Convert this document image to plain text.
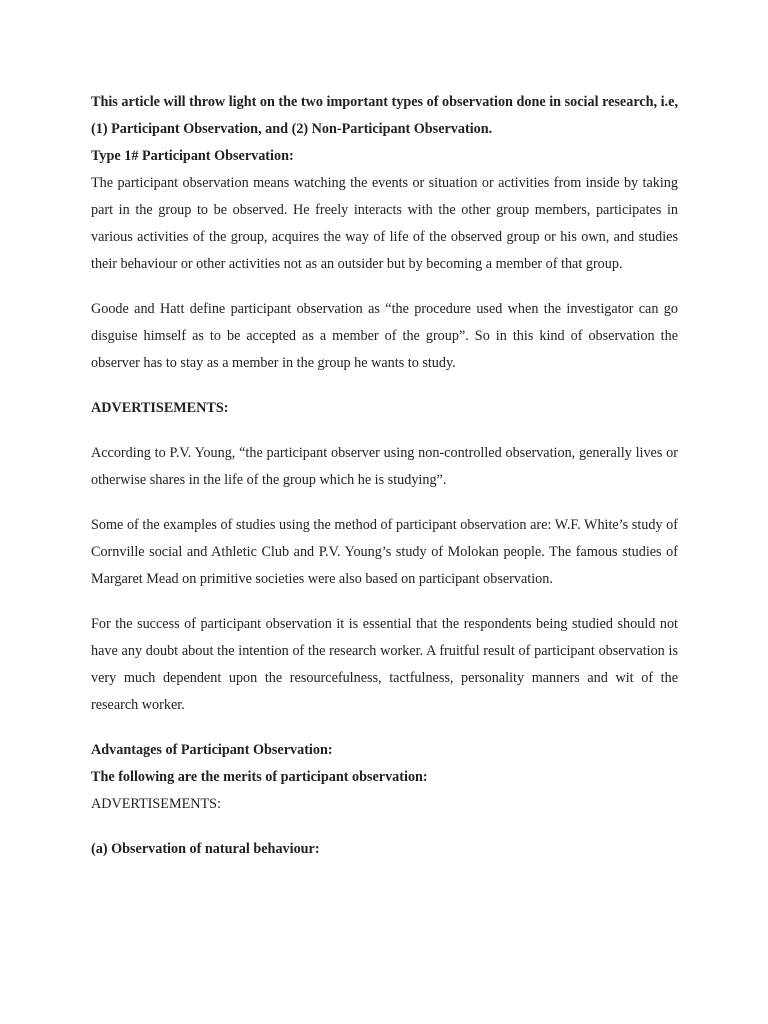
This article will throw light on the two important types of observation done in social research, i.e, (1) Participant Observation, and (2) Non-Participant Observation.

Type 1# Participant Observation:

The participant observation means watching the events or situation or activities from inside by taking part in the group to be observed. He freely interacts with the other group members, participates in various activities of the group, acquires the way of life of the observed group or his own, and studies their behaviour or other activities not as an outsider but by becoming a member of that group.

Goode and Hatt define participant observation as “the procedure used when the investigator can go disguise himself as to be accepted as a member of the group”. So in this kind of observation the observer has to stay as a member in the group he wants to study.

ADVERTISEMENTS:

According to P.V. Young, “the participant observer using non-controlled observation, generally lives or otherwise shares in the life of the group which he is studying”.

Some of the examples of studies using the method of participant observation are: W.F. White’s study of Cornville social and Athletic Club and P.V. Young’s study of Molokan people. The famous studies of Margaret Mead on primitive societies were also based on participant observation.

For the success of participant observation it is essential that the respondents being studied should not have any doubt about the intention of the research worker. A fruitful result of participant observation is very much dependent upon the resourcefulness, tactfulness, personality manners and wit of the research worker.

Advantages of Participant Observation:

The following are the merits of participant observation:

ADVERTISEMENTS:

(a) Observation of natural behaviour:
